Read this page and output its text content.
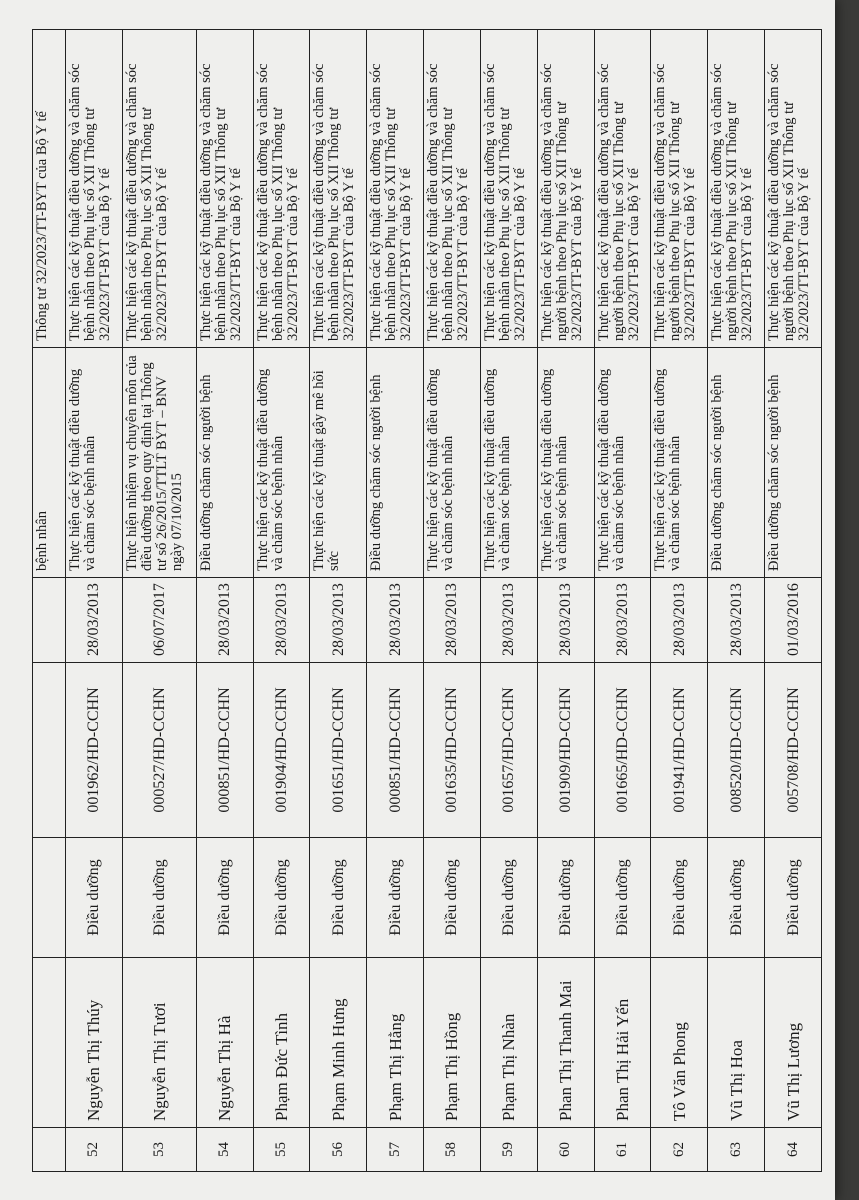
					bệnh nhân	Thông tư 32/2023/TT-BYT của Bộ Y tế
52	Nguyễn Thị Thúy	Điều dưỡng	001962/HD-CCHN	28/03/2013	Thực hiện các kỹ thuật điều dưỡng và chăm sóc bệnh nhân	Thực hiện các kỹ thuật điều dưỡng và chăm sóc bệnh nhân theo Phụ lục số XII Thông tư 32/2023/TT-BYT của Bộ Y tế
53	Nguyễn Thị Tươi	Điều dưỡng	000527/HD-CCHN	06/07/2017	Thực hiện nhiệm vụ chuyên môn của điều dưỡng theo quy định tại Thông tư số 26/2015/TTLT BYT – BNV ngày 07/10/2015	Thực hiện các kỹ thuật điều dưỡng và chăm sóc bệnh nhân theo Phụ lục số XII Thông tư 32/2023/TT-BYT của Bộ Y tế
54	Nguyễn Thị Hà	Điều dưỡng	000851/HD-CCHN	28/03/2013	Điều dưỡng chăm sóc người bệnh	Thực hiện các kỹ thuật điều dưỡng và chăm sóc bệnh nhân theo Phụ lục số XII Thông tư 32/2023/TT-BYT của Bộ Y tế
55	Phạm Đức Tình	Điều dưỡng	001904/HD-CCHN	28/03/2013	Thực hiện các kỹ thuật điều dưỡng và chăm sóc bệnh nhân	Thực hiện các kỹ thuật điều dưỡng và chăm sóc bệnh nhân theo Phụ lục số XII Thông tư 32/2023/TT-BYT của Bộ Y tế
56	Phạm Minh Hưng	Điều dưỡng	001651/HD-CCHN	28/03/2013	Thực hiện các kỹ thuật gây mê hồi sức	Thực hiện các kỹ thuật điều dưỡng và chăm sóc bệnh nhân theo Phụ lục số XII Thông tư 32/2023/TT-BYT của Bộ Y tế
57	Phạm Thị Hằng	Điều dưỡng	000851/HD-CCHN	28/03/2013	Điều dưỡng chăm sóc người bệnh	Thực hiện các kỹ thuật điều dưỡng và chăm sóc bệnh nhân theo Phụ lục số XII Thông tư 32/2023/TT-BYT của Bộ Y tế
58	Phạm Thị Hồng	Điều dưỡng	001635/HD-CCHN	28/03/2013	Thực hiện các kỹ thuật điều dưỡng và chăm sóc bệnh nhân	Thực hiện các kỹ thuật điều dưỡng và chăm sóc bệnh nhân theo Phụ lục số XII Thông tư 32/2023/TT-BYT của Bộ Y tế
59	Phạm Thị Nhàn	Điều dưỡng	001657/HD-CCHN	28/03/2013	Thực hiện các kỹ thuật điều dưỡng và chăm sóc bệnh nhân	Thực hiện các kỹ thuật điều dưỡng và chăm sóc bệnh nhân theo Phụ lục số XII Thông tư 32/2023/TT-BYT của Bộ Y tế
60	Phan Thị Thanh Mai	Điều dưỡng	001909/HD-CCHN	28/03/2013	Thực hiện các kỹ thuật điều dưỡng và chăm sóc bệnh nhân	Thực hiện các kỹ thuật điều dưỡng và chăm sóc người bệnh theo Phụ lục số XII Thông tư 32/2023/TT-BYT của Bộ Y tế
61	Phan Thị Hải Yến	Điều dưỡng	001665/HD-CCHN	28/03/2013	Thực hiện các kỹ thuật điều dưỡng và chăm sóc bệnh nhân	Thực hiện các kỹ thuật điều dưỡng và chăm sóc người bệnh theo Phụ lục số XII Thông tư 32/2023/TT-BYT của Bộ Y tế
62	Tô Văn Phong	Điều dưỡng	001941/HD-CCHN	28/03/2013	Thực hiện các kỹ thuật điều dưỡng và chăm sóc bệnh nhân	Thực hiện các kỹ thuật điều dưỡng và chăm sóc người bệnh theo Phụ lục số XII Thông tư 32/2023/TT-BYT của Bộ Y tế
63	Vũ Thị Hoa	Điều dưỡng	008520/HD-CCHN	28/03/2013	Điều dưỡng chăm sóc người bệnh	Thực hiện các kỹ thuật điều dưỡng và chăm sóc người bệnh theo Phụ lục số XII Thông tư 32/2023/TT-BYT của Bộ Y tế
64	Vũ Thị Lương	Điều dưỡng	005708/HD-CCHN	01/03/2016	Điều dưỡng chăm sóc người bệnh	Thực hiện các kỹ thuật điều dưỡng và chăm sóc người bệnh theo Phụ lục số XII Thông tư 32/2023/TT-BYT của Bộ Y tế
